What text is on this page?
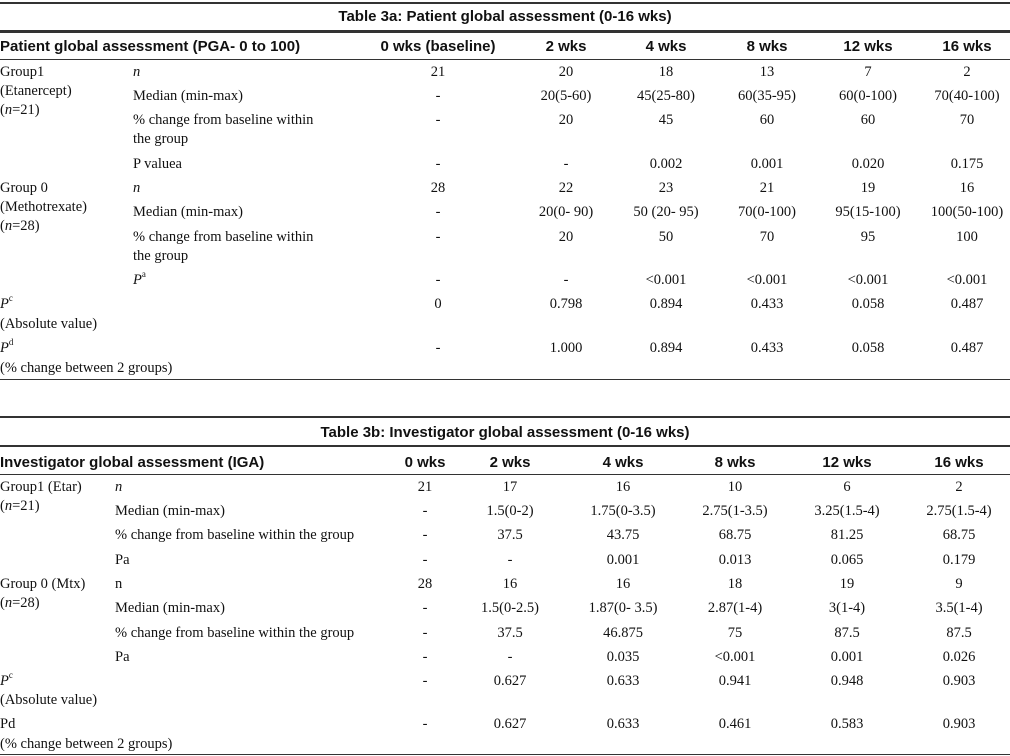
Table 3a: Patient global assessment (0-16 wks)
Patient global assessment (PGA- 0 to 100)	0 wks (baseline)	2 wks	4 wks	8 wks	12 wks	16 wks
Group1
(Etanercept)
(n=21)
n	21	20	18	13	7	2
Median (min-max)	-	20(5-60)	45(25-80)	60(35-95)	60(0-100)	70(40-100)
% change from baseline within
the group
-	20	45	60	60	70
P valuea	-	-	0.002	0.001	0.020	0.175
Group 0
(Methotrexate)
(n=28)
n	28	22	23	21	19	16
Median (min-max)	-	20(0- 90)	50 (20- 95)	70(0-100)	95(15-100) 100(50-100)
% change from baseline within
the group
-	20	50	70	95	100
$P^a$	-	-	<0.001	<0.001	<0.001	<0.001
$P^c$
(Absolute value)
0	0.798	0.894	0.433	0.058	0.487
$P^d$
(% change between 2 groups)
-	1.000	0.894	0.433	0.058	0.487
Table 3b: Investigator global assessment (0-16 wks)
Investigator global assessment (IGA)	0 wks	2 wks	4 wks	8 wks	12 wks	16 wks
Group1 (Etar)
(n=21)
n	21	17	16	10	6	2
Median (min-max)	-	1.5(0-2)	1.75(0-3.5)	2.75(1-3.5)	3.25(1.5-4)	2.75(1.5-4)
% change from baseline within the group	-	37.5	43.75	68.75	81.25	68.75
Pa	-	-	0.001	0.013	0.065	0.179
Group 0 (Mtx)
(n=28)
n	28	16	16	18	19	9
Median (min-max)	-	1.5(0-2.5)	1.87(0- 3.5)	2.87(1-4)	3(1-4)	3.5(1-4)
% change from baseline within the group	-	37.5	46.875	75	87.5	87.5
Pa	-	-	0.035	<0.001	0.001	0.026
$P^c$
(Absolute value)
-	0.627	0.633	0.941	0.948	0.903
Pd
(% change between 2 groups)
-	0.627	0.633	0.461	0.583	0.903
